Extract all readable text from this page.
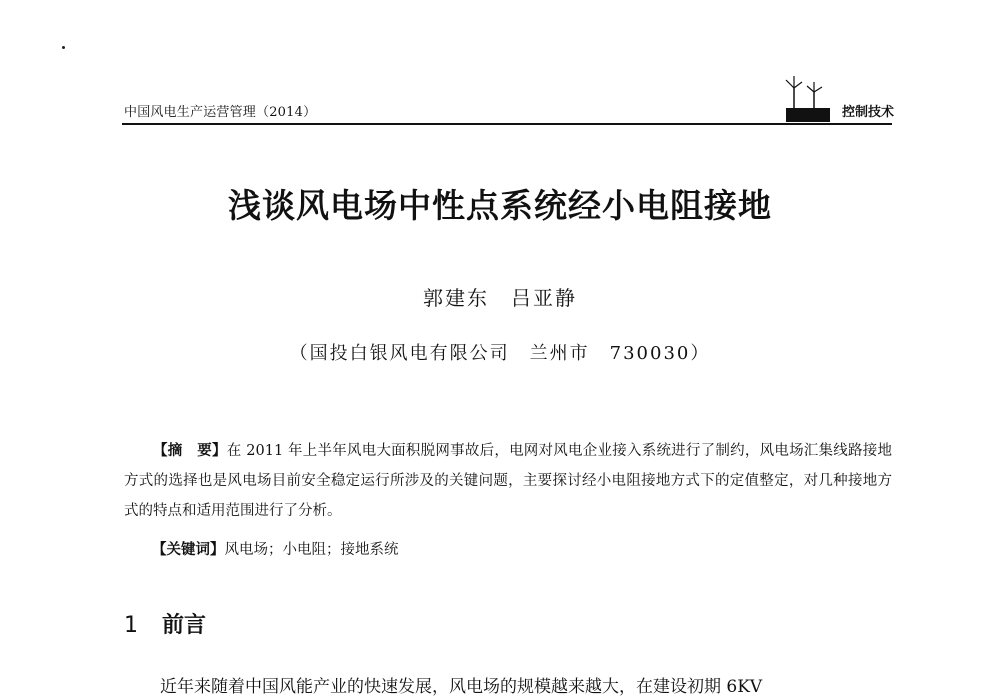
中国风电生产运营管理（2014）	控制技术
浅谈风电场中性点系统经小电阻接地
郭建东　吕亚静
（国投白银风电有限公司　兰州市　730030）

【摘　要】在 2011 年上半年风电大面积脱网事故后，电网对风电企业接入系统进行了制约，风电场汇集线路接地方式的选择也是风电场目前安全稳定运行所涉及的关键问题，主要探讨经小电阻接地方式下的定值整定，对几种接地方式的特点和适用范围进行了分析。

【关键词】风电场；小电阻；接地系统
1 前言
近年来随着中国风能产业的快速发展，风电场的规模越来越大，在建设初期 6KV
